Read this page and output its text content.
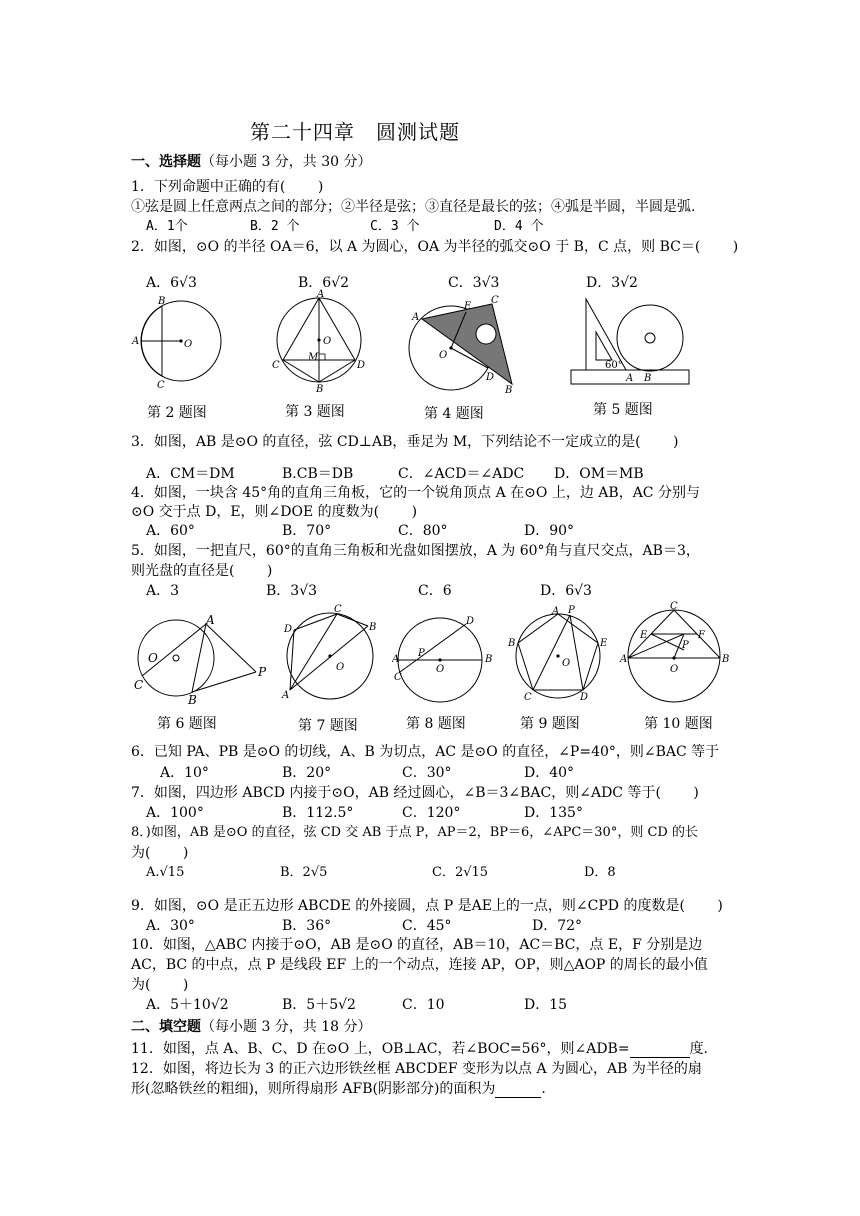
第二十四章　圆测试题
一、选择题（每小题 3 分，共 30 分）
1．下列命题中正确的有(　　 )
①弦是圆上任意两点之间的部分；②半径是弦；③直径是最长的弦；④弧是半圆，半圆是弧.
A．1个	B．2 个	C．3 个	D．4 个
2．如图，⊙O 的半径 OA＝6，以 A 为圆心，OA 为半径的弧交⊙O 于 B，C 点，则 BC＝(　　 )
A．6√3	B．6√2	C．3√3	D．3√2
B
A	O
C
A
O
M
C	D
B
A
E
C
O
D
B
60°
A B
第 2 题图	第 3 题图	第 4 题图	第 5 题图
3．如图，AB 是⊙O 的直径，弦 CD⊥AB，垂足为 M，下列结论不一定成立的是(　　 )
A．CM＝DM	B.CB＝DB	C．∠ACD＝∠ADC D．OM＝MB
4．如图，一块含 45°角的直角三角板，它的一个锐角顶点 A 在⊙O 上，边 AB，AC 分别与
⊙O 交于点 D，E，则∠DOE 的度数为(　　 )
A．60°	B．70°	C．80°	D．90°
5．如图，一把直尺，60°的直角三角板和光盘如图摆放，A 为 60°角与直尺交点，AB＝3，
则光盘的直径是(　　 )
A．3	B．3√3	C．6	D．6√3
O
A
C
B
P
C
D	B
O
A
A
P
C
O
B
D
A P
B	E
O
C	D
C
E	F
P
A	B
O
第 6 题图	第 7 题图	第 8 题图	第 9 题图	第 10 题图
6．已知 PA、PB 是⊙O 的切线，A、B 为切点，AC 是⊙O 的直径，∠P=40°，则∠BAC 等于
A．10°	B．20°	C．30°	D．40°
7．如图，四边形 ABCD 内接于⊙O，AB 经过圆心，∠B＝3∠BAC，则∠ADC 等于(　　 )
A．100°	B．112.5°	C．120°	D．135°
8．)如图，AB 是⊙O 的直径，弦 CD 交 AB 于点 P，AP＝2，BP＝6，∠APC＝30°，则 CD 的长
为(　　 )
A.√15	B．2√5	C．2√15	D．8
9．如图，⊙O 是正五边形 ABCDE 的外接圆，点 P 是AE上的一点，则∠CPD 的度数是(　　 )
A．30°	B．36°	C．45°	D．72°
10．如图，△ABC 内接于⊙O，AB 是⊙O 的直径，AB＝10，AC＝BC，点 E，F 分别是边
AC，BC 的中点，点 P 是线段 EF 上的一个动点，连接 AP，OP，则△AOP 的周长的最小值
为(　　 )
A．5＋10√2	B．5＋5√2	C．10	D．15
二、填空题（每小题 3 分，共 18 分）
11．如图，点 A、B、C、D 在⊙O 上，OB⊥AC，若∠BOC=56°，则∠ADB=	度.
12．如图，将边长为 3 的正六边形铁丝框 ABCDEF 变形为以点 A 为圆心，AB 为半径的扇
形(忽略铁丝的粗细)，则所得扇形 AFB(阴影部分)的面积为	.
